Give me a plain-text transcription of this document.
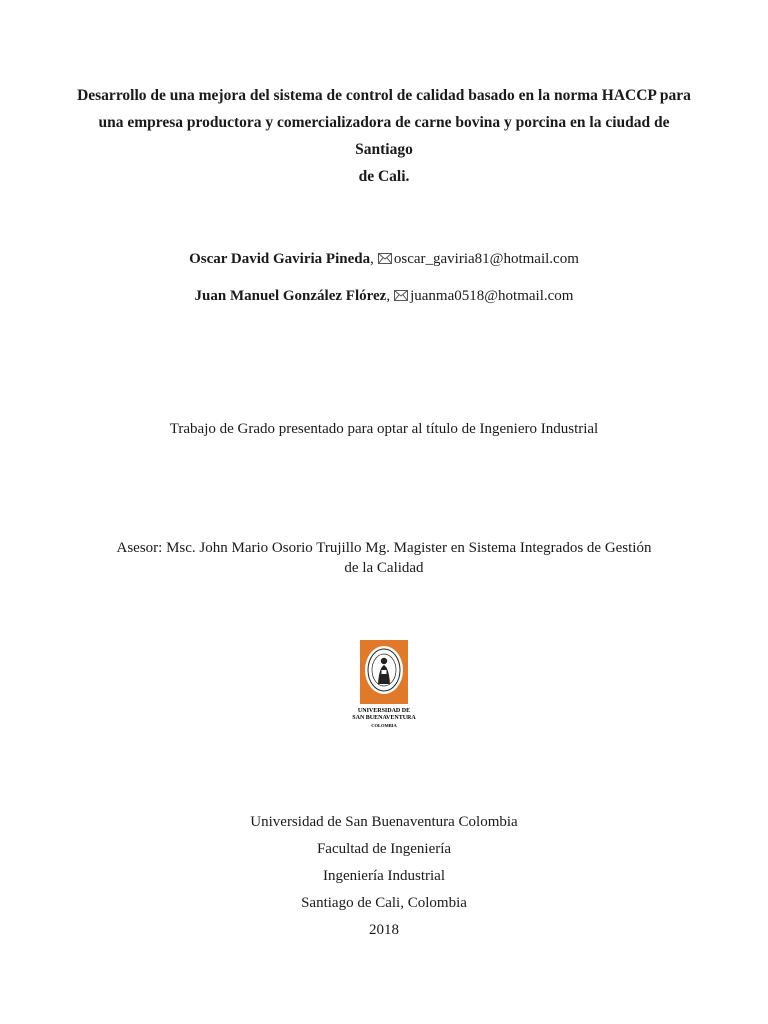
Desarrollo de una mejora del sistema de control de calidad basado en la norma HACCP para
una empresa productora y comercializadora de carne bovina y porcina en la ciudad de Santiago
de Cali.
Oscar David Gaviria Pineda, oscar_gaviria81@hotmail.com
Juan Manuel González Flórez, juanma0518@hotmail.com
Trabajo de Grado presentado para optar al título de Ingeniero Industrial
Asesor: Msc. John Mario Osorio Trujillo Mg. Magister en Sistema Integrados de Gestión
de la Calidad
UNIVERSIDAD DE
SAN BUENAVENTURA
COLOMBIA
Universidad de San Buenaventura Colombia
Facultad de Ingeniería
Ingeniería Industrial
Santiago de Cali, Colombia
2018
